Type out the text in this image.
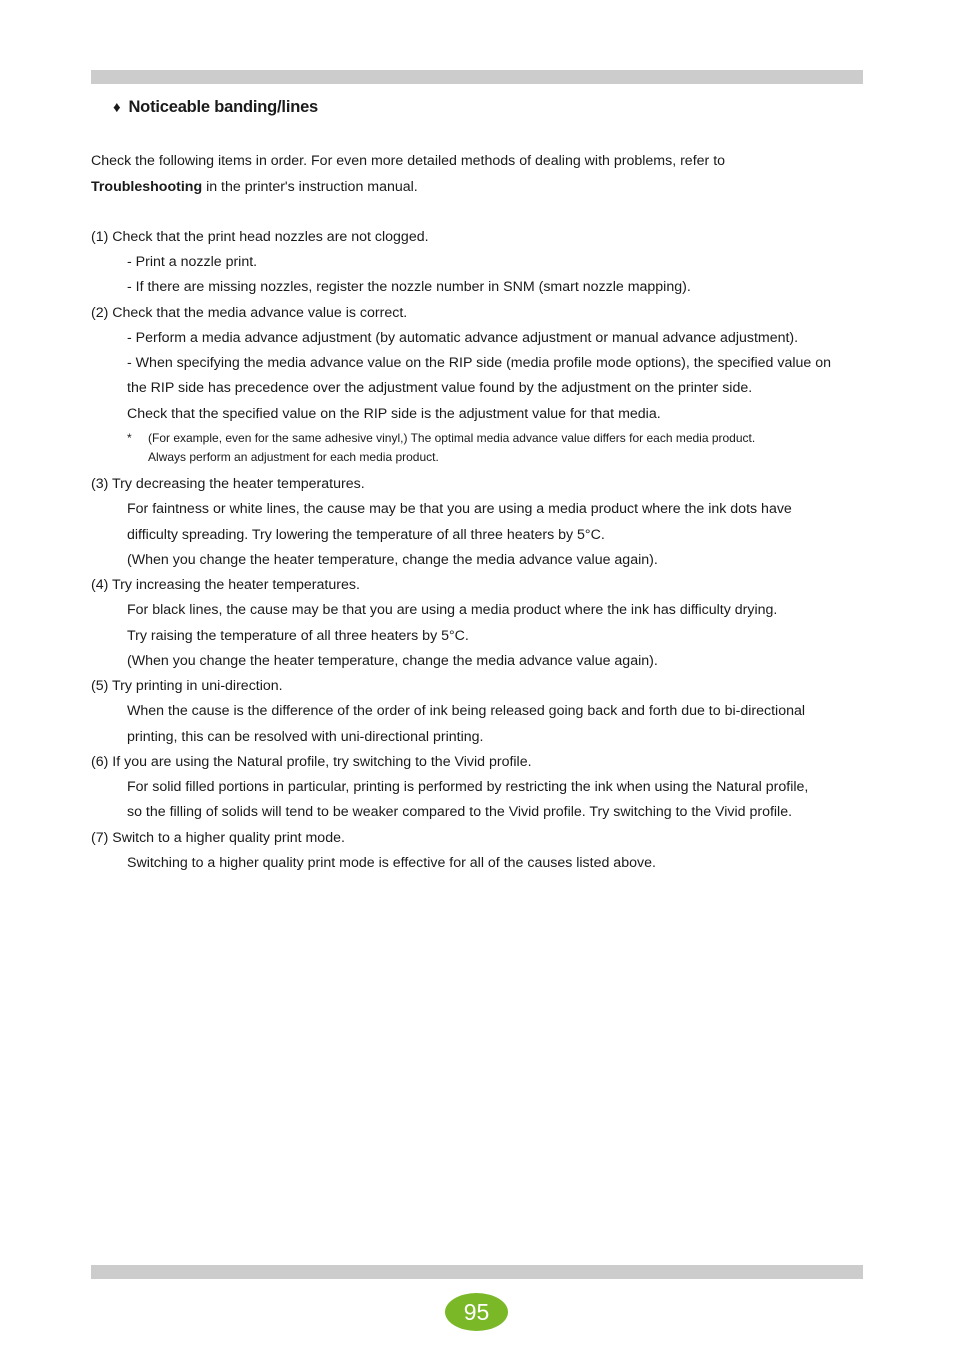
♦ Noticeable banding/lines
Check the following items in order. For even more detailed methods of dealing with problems, refer to
Troubleshooting in the printer's instruction manual.
(1) Check that the print head nozzles are not clogged.
- Print a nozzle print.
- If there are missing nozzles, register the nozzle number in SNM (smart nozzle mapping).
(2) Check that the media advance value is correct.
- Perform a media advance adjustment (by automatic advance adjustment or manual advance adjustment).
- When specifying the media advance value on the RIP side (media profile mode options), the specified value on
the RIP side has precedence over the adjustment value found by the adjustment on the printer side.
Check that the specified value on the RIP side is the adjustment value for that media.
* (For example, even for the same adhesive vinyl,) The optimal media advance value differs for each media product.
Always perform an adjustment for each media product.
(3) Try decreasing the heater temperatures.
For faintness or white lines, the cause may be that you are using a media product where the ink dots have
difficulty spreading. Try lowering the temperature of all three heaters by 5°C.
(When you change the heater temperature, change the media advance value again).
(4) Try increasing the heater temperatures.
For black lines, the cause may be that you are using a media product where the ink has difficulty drying.
Try raising the temperature of all three heaters by 5°C.
(When you change the heater temperature, change the media advance value again).
(5) Try printing in uni-direction.
When the cause is the difference of the order of ink being released going back and forth due to bi-directional
printing, this can be resolved with uni-directional printing.
(6) If you are using the Natural profile, try switching to the Vivid profile.
For solid filled portions in particular, printing is performed by restricting the ink when using the Natural profile,
so the filling of solids will tend to be weaker compared to the Vivid profile. Try switching to the Vivid profile.
(7) Switch to a higher quality print mode.
Switching to a higher quality print mode is effective for all of the causes listed above.
95
